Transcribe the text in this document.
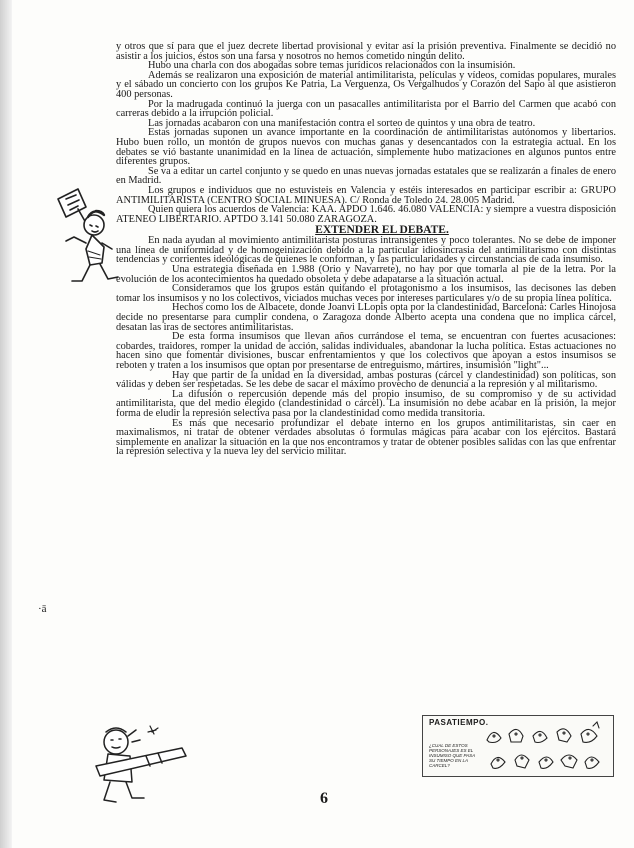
y otros que sí para que el juez decrete libertad provisional y evitar así la prisión preventiva. Finalmente se decidió no asistir a los juicios, éstos son una farsa y nosotros no hemos cometido ningún delito.

Hubo una charla con dos abogadas sobre temas jurídicos relacionados con la insumisión.

Además se realizaron una exposición de material antimilitarista, películas y vídeos, comidas populares, murales y el sábado un concierto con los grupos Ke Patria, La Verguenza, Os Vergalhudos y Corazón del Sapo al que asistieron 400 personas.

Por la madrugada continuó la juerga con un pasacalles antimilitarista por el Barrio del Carmen que acabó con carreras debido a la irrupción policial.

Las jornadas acabaron con una manifestación contra el sorteo de quintos y una obra de teatro.

Estas jornadas suponen un avance importante en la coordinación de antimilitaristas autónomos y libertarios. Hubo buen rollo, un montón de grupos nuevos con muchas ganas y desencantados con la estrategia actual. En los debates se vió bastante unanimidad en la línea de actuación, simplemente hubo matizaciones en algunos puntos entre diferentes grupos.

Se va a editar un cartel conjunto y se quedo en unas nuevas jornadas estatales que se realizarán a finales de enero en Madrid.

Los grupos e individuos que no estuvisteis en Valencia y estéis interesados en participar escribir a: GRUPO ANTIMILITARISTA (CENTRO SOCIAL MINUESA). C/ Ronda de Toledo 24. 28.005 Madrid.

Quien quiera los acuerdos de Valencia: KAA. APDO 1.646. 46.080 VALENCIA: y siempre a vuestra disposición ATENEO LIBERTARIO. APTDO 3.141 50.080 ZARAGOZA.

EXTENDER EL DEBATE.

En nada ayudan al movimiento antimilitarista posturas intransigentes y poco tolerantes. No se debe de imponer una línea de uniformidad y de homogeinización debido a la particular idiosincrasia del antimilitarismo con distintas tendencias y corrientes ideológicas de quienes le conforman, y las particularidades y circunstancias de cada insumiso.

Una estrategia diseñada en 1.988 (Orio y Navarrete), no hay por que tomarla al pie de la letra. Por la evolución de los acontecimientos ha quedado obsoleta y debe adapatarse a la situación actual.

Consideramos que los grupos están quitando el protagonismo a los insumisos, las decisones las deben tomar los insumisos y no los colectivos, viciados muchas veces por intereses particulares y/o de su propia línea política.

Hechos como los de Albacete, donde Joanvi LLopis opta por la clandestinidad, Barcelona: Carles Hinojosa decide no presentarse para cumplir condena, o Zaragoza donde Alberto acepta una condena que no implica cárcel, desatan las iras de sectores antimilitaristas.

De esta forma insumisos que llevan años currándose el tema, se encuentran con fuertes acusaciones: cobardes, traidores, romper la unidad de acción, salidas individuales, abandonar la lucha política. Estas actuaciones no hacen sino que fomentar divisiones, buscar enfrentamientos y que los colectivos que apoyan a estos insumisos se reboten y traten a los insumisos que optan por presentarse de entreguismo, mártires, insumisión "light"...

Hay que partir de la unidad en la diversidad, ambas posturas (cárcel y clandestinidad) son políticas, son válidas y deben ser respetadas. Se les debe de sacar el máximo provecho de denuncia a la represión y al militarismo.

La difusión o repercusión depende más del propio insumiso, de su compromiso y de su actividad antimilitarista, que del medio elegido (clandestinidad o cárcel). La insumisión no debe acabar en la prisión, la mejor forma de eludir la represión selectiva pasa por la clandestinidad como medida transitoria.

Es más que necesario profundizar el debate interno en los grupos antimilitaristas, sin caer en maximalismos, ni tratar de obtener verdades absolutas ó formulas mágicas para acabar con los ejércitos. Bastará simplemente en analizar la situación en la que nos encontramos y tratar de obtener posibles salidas con las que enfrentar la represión selectiva y la nueva ley del servicio militar.

·ā
PASATIEMPO.
¿CUAL DE ESTOS PERSONAJES ES EL INSUMISO QUE PASA SU TIEMPO EN LA CARCEL?
6
